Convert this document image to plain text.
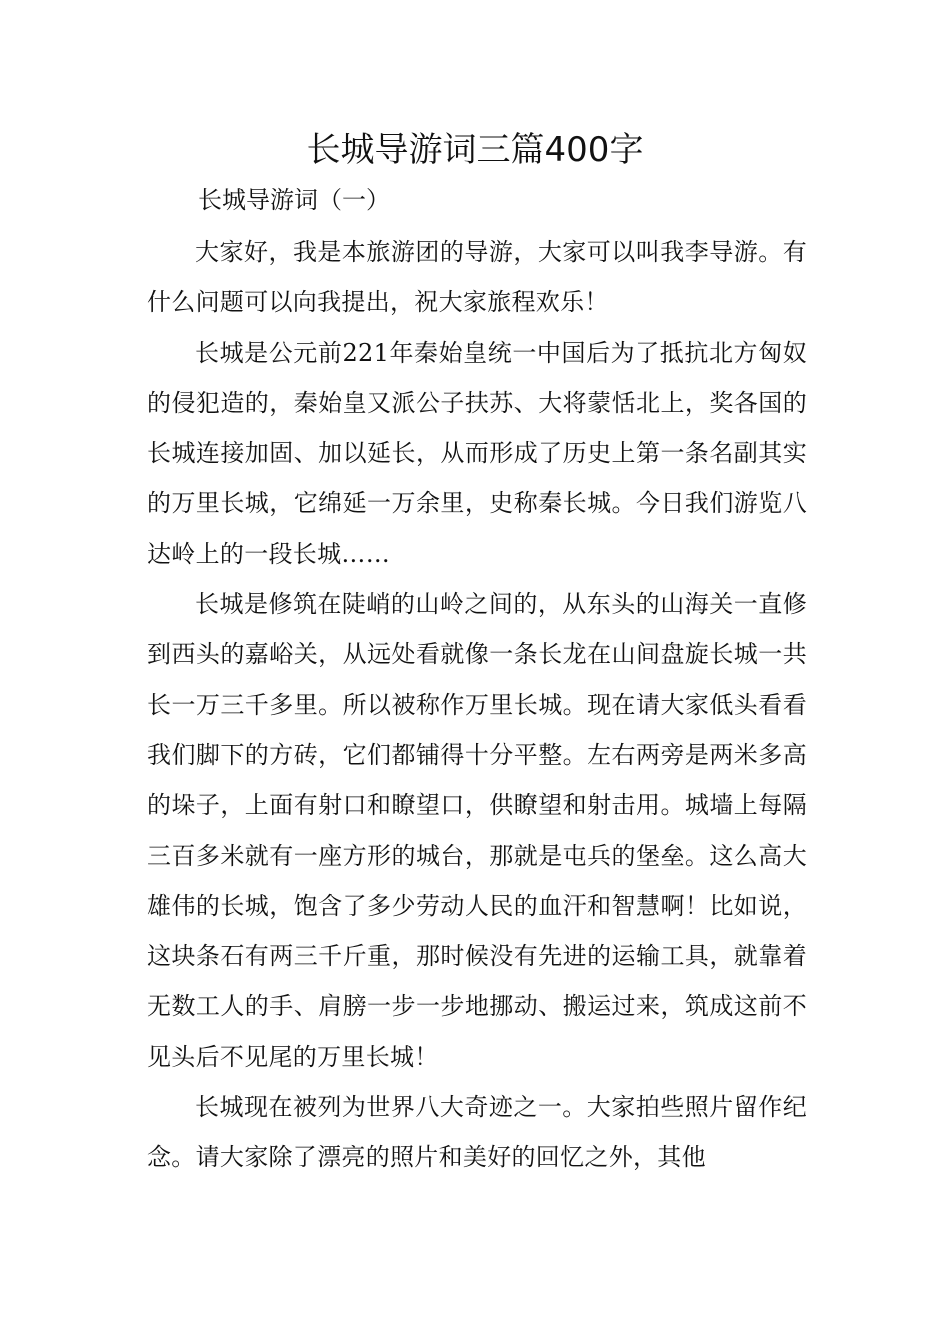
长城导游词三篇400字

长城导游词（一）

大家好，我是本旅游团的导游，大家可以叫我李导游。有什么问题可以向我提出，祝大家旅程欢乐！

长城是公元前221年秦始皇统一中国后为了抵抗北方匈奴的侵犯造的，秦始皇又派公子扶苏、大将蒙恬北上，奖各国的长城连接加固、加以延长，从而形成了历史上第一条名副其实的万里长城，它绵延一万余里，史称秦长城。今日我们游览八达岭上的一段长城……

长城是修筑在陡峭的山岭之间的，从东头的山海关一直修到西头的嘉峪关，从远处看就像一条长龙在山间盘旋长城一共长一万三千多里。所以被称作万里长城。现在请大家低头看看我们脚下的方砖，它们都铺得十分平整。左右两旁是两米多高的垛子，上面有射口和瞭望口，供瞭望和射击用。城墙上每隔三百多米就有一座方形的城台，那就是屯兵的堡垒。这么高大雄伟的长城，饱含了多少劳动人民的血汗和智慧啊！比如说，这块条石有两三千斤重，那时候没有先进的运输工具，就靠着无数工人的手、肩膀一步一步地挪动、搬运过来，筑成这前不见头后不见尾的万里长城！

长城现在被列为世界八大奇迹之一。大家拍些照片留作纪念。请大家除了漂亮的照片和美好的回忆之外，其他
